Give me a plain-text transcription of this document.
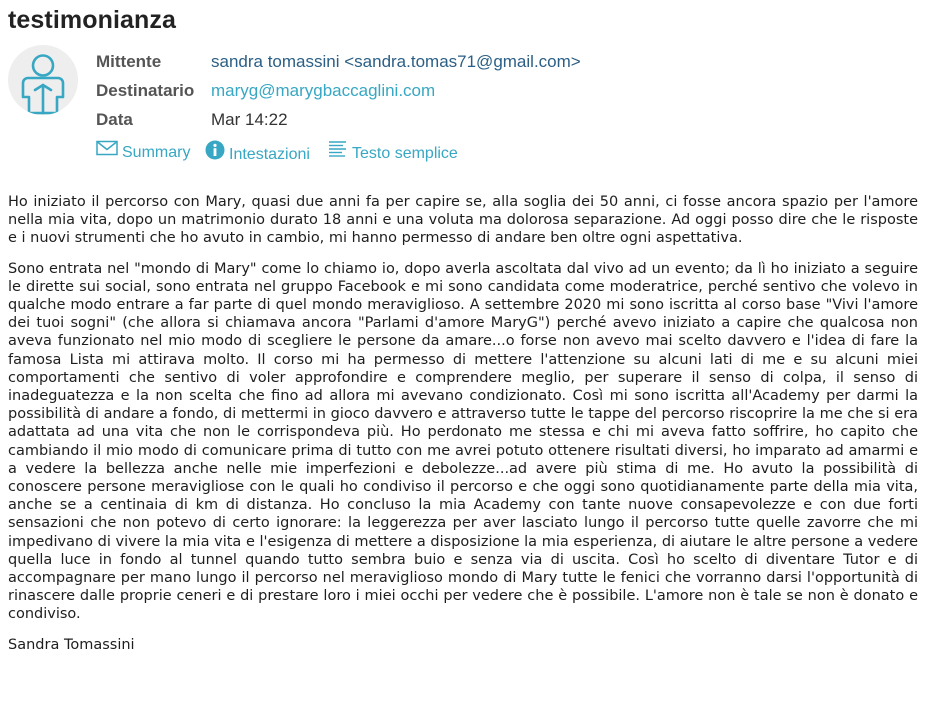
testimonianza
Mittente	sandra tomassini <sandra.tomas71@gmail.com>
Destinatario maryg@marygbaccaglini.com
Data	Mar 14:22
Summary	Intestazioni	Testo semplice

Ho iniziato il percorso con Mary, quasi due anni fa per capire se, alla soglia dei 50 anni, ci fosse ancora spazio per l'amore nella mia vita, dopo un matrimonio durato 18 anni e una voluta ma dolorosa separazione. Ad oggi posso dire che le risposte e i nuovi strumenti che ho avuto in cambio, mi hanno permesso di andare ben oltre ogni aspettativa.

Sono entrata nel "mondo di Mary" come lo chiamo io, dopo averla ascoltata dal vivo ad un evento; da lì ho iniziato a seguire le dirette sui social, sono entrata nel gruppo Facebook e mi sono candidata come moderatrice, perché sentivo che volevo in qualche modo entrare a far parte di quel mondo meraviglioso. A settembre 2020 mi sono iscritta al corso base "Vivi l'amore dei tuoi sogni" (che allora si chiamava ancora "Parlami d'amore MaryG") perché avevo iniziato a capire che qualcosa non aveva funzionato nel mio modo di scegliere le persone da amare...o forse non avevo mai scelto davvero e l'idea di fare la famosa Lista mi attirava molto. Il corso mi ha permesso di mettere l'attenzione su alcuni lati di me e su alcuni miei comportamenti che sentivo di voler approfondire e comprendere meglio, per superare il senso di colpa, il senso di inadeguatezza e la non scelta che fino ad allora mi avevano condizionato. Così mi sono iscritta all'Academy per darmi la possibilità di andare a fondo, di mettermi in gioco davvero e attraverso tutte le tappe del percorso riscoprire la me che si era adattata ad una vita che non le corrispondeva più. Ho perdonato me stessa e chi mi aveva fatto soffrire, ho capito che cambiando il mio modo di comunicare prima di tutto con me avrei potuto ottenere risultati diversi, ho imparato ad amarmi e a vedere la bellezza anche nelle mie imperfezioni e debolezze...ad avere più stima di me. Ho avuto la possibilità di conoscere persone meravigliose con le quali ho condiviso il percorso e che oggi sono quotidianamente parte della mia vita, anche se a centinaia di km di distanza. Ho concluso la mia Academy con tante nuove consapevolezze e con due forti sensazioni che non potevo di certo ignorare: la leggerezza per aver lasciato lungo il percorso tutte quelle zavorre che mi impedivano di vivere la mia vita e l'esigenza di mettere a disposizione la mia esperienza, di aiutare le altre persone a vedere quella luce in fondo al tunnel quando tutto sembra buio e senza via di uscita. Così ho scelto di diventare Tutor e di accompagnare per mano lungo il percorso nel meraviglioso mondo di Mary tutte le fenici che vorranno darsi l'opportunità di rinascere dalle proprie ceneri e di prestare loro i miei occhi per vedere che è possibile. L'amore non è tale se non è donato e condiviso.

Sandra Tomassini
